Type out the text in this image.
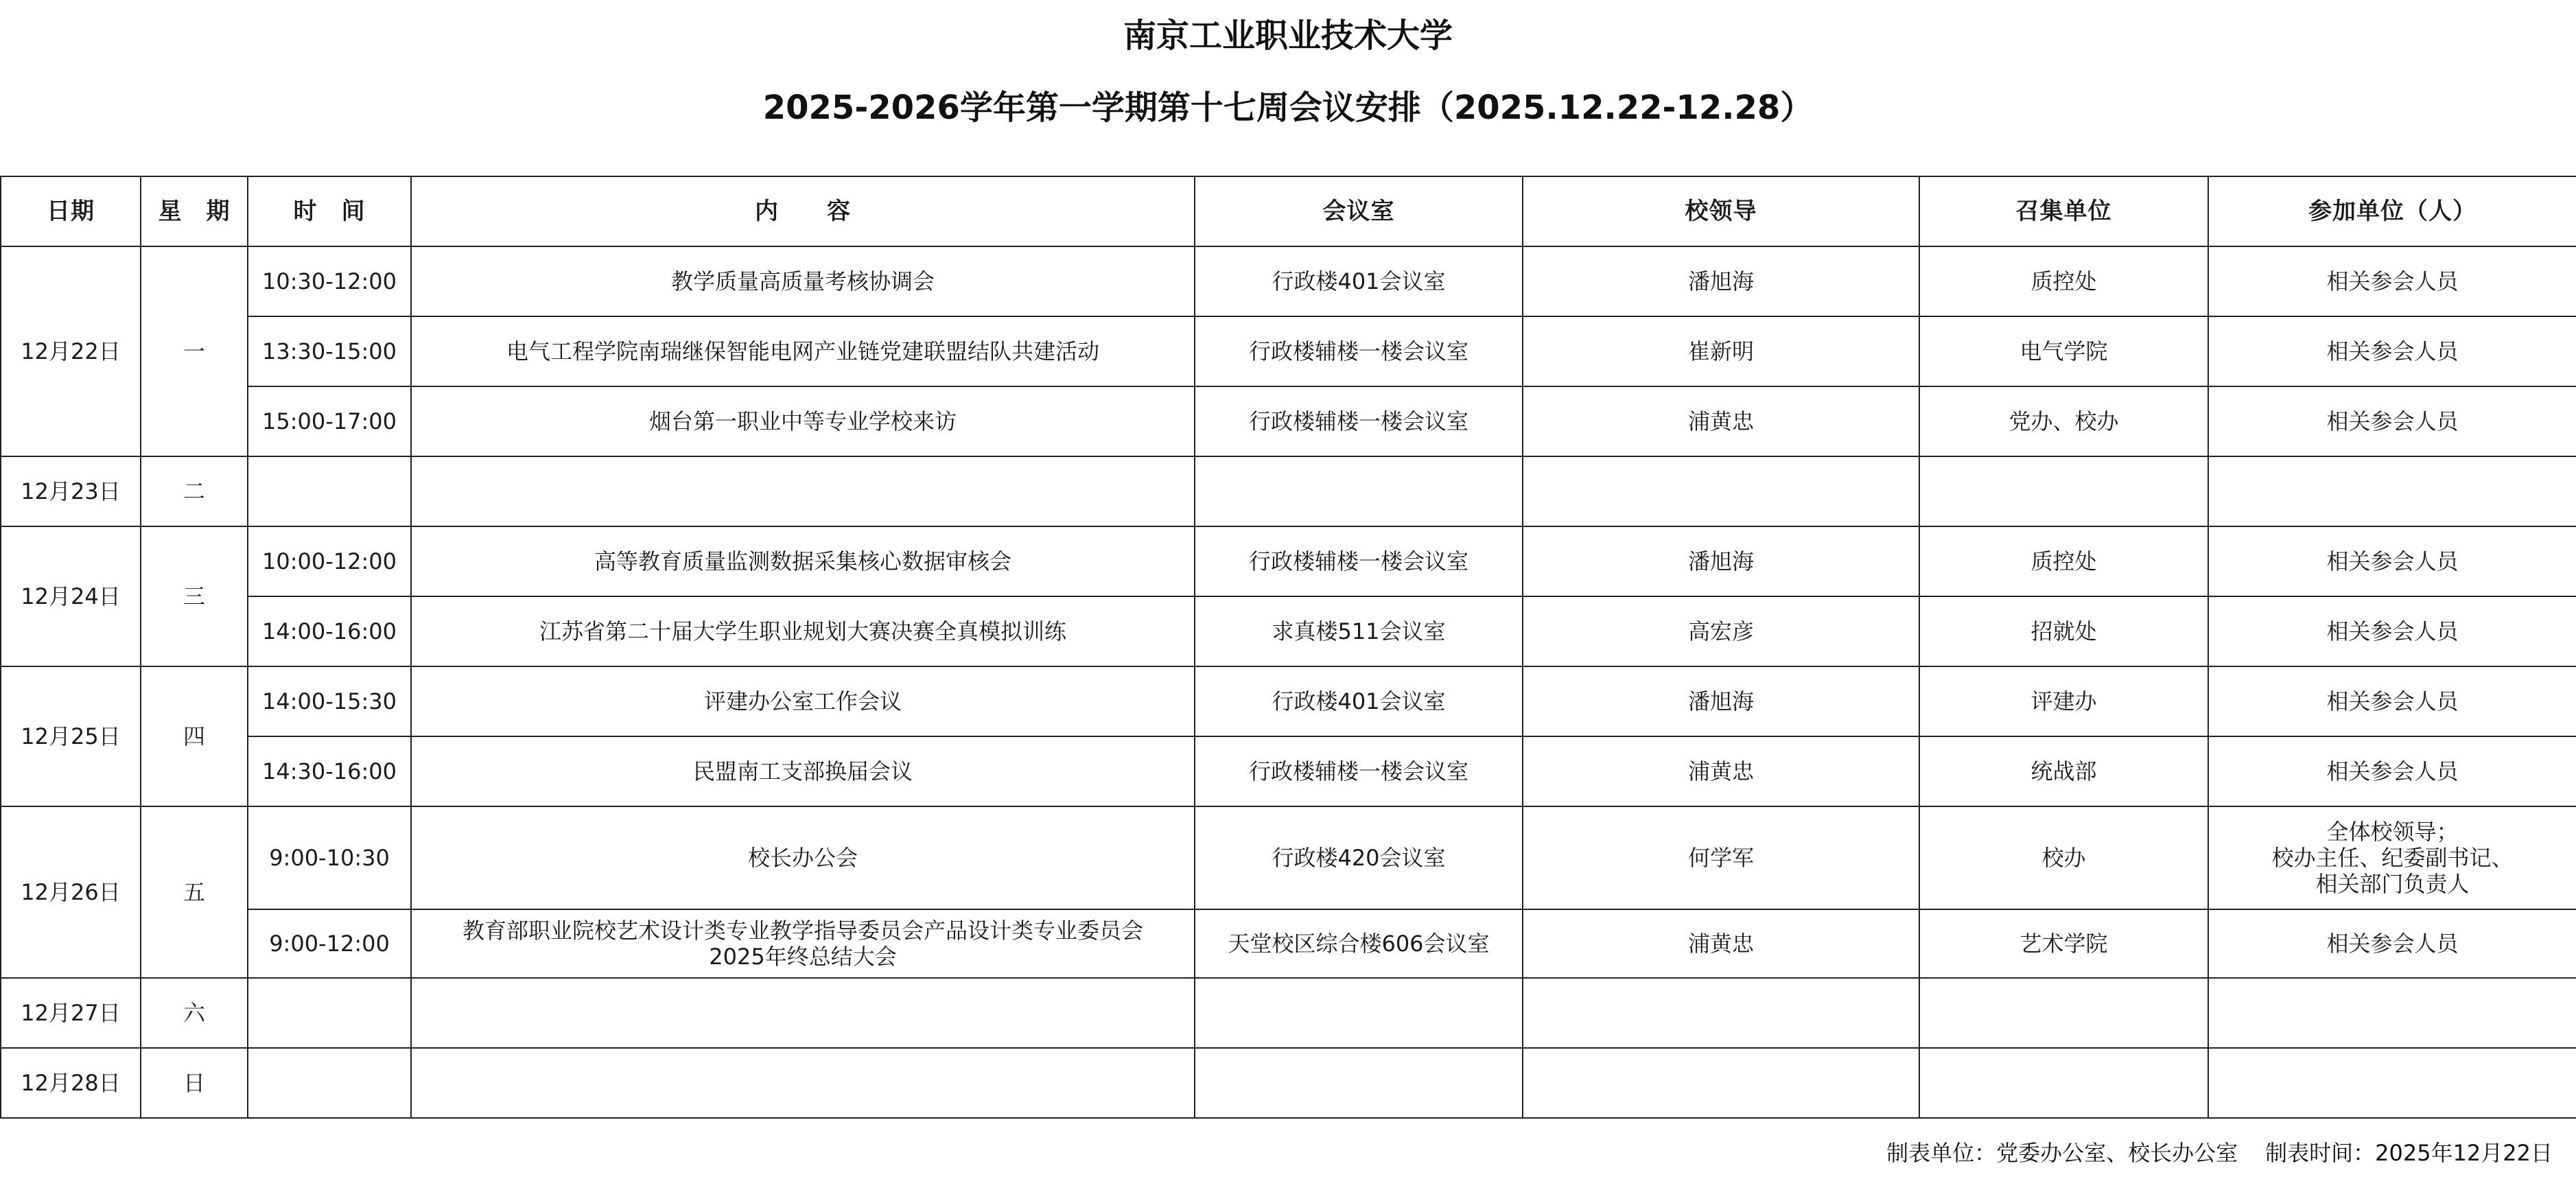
南京工业职业技术大学
2025-2026学年第一学期第十七周会议安排（2025.12.22-12.28）
日期	星　期	时　间	内　　容	会议室	校领导	召集单位	参加单位（人）
12月22日	一	10:30-12:00	教学质量高质量考核协调会	行政楼401会议室	潘旭海	质控处	相关参会人员
		13:30-15:00	电气工程学院南瑞继保智能电网产业链党建联盟结队共建活动	行政楼辅楼一楼会议室	崔新明	电气学院	相关参会人员
		15:00-17:00	烟台第一职业中等专业学校来访	行政楼辅楼一楼会议室	浦黄忠	党办、校办	相关参会人员
12月23日	二						
12月24日	三	10:00-12:00	高等教育质量监测数据采集核心数据审核会	行政楼辅楼一楼会议室	潘旭海	质控处	相关参会人员
		14:00-16:00	江苏省第二十届大学生职业规划大赛决赛全真模拟训练	求真楼511会议室	高宏彦	招就处	相关参会人员
12月25日	四	14:00-15:30	评建办公室工作会议	行政楼401会议室	潘旭海	评建办	相关参会人员
		14:30-16:00	民盟南工支部换届会议	行政楼辅楼一楼会议室	浦黄忠	统战部	相关参会人员
12月26日	五	9:00-10:30	校长办公会	行政楼420会议室	何学军	校办	全体校领导；
校办主任、纪委副书记、
相关部门负责人

		9:00-12:00	教育部职业院校艺术设计类专业教学指导委员会产品设计类专业委员会
2025年终总结大会	天堂校区综合楼606会议室	浦黄忠	艺术学院	相关参会人员
12月27日	六						
12月28日	日						
制表单位：党委办公室、校长办公室 制表时间：2025年12月22日
